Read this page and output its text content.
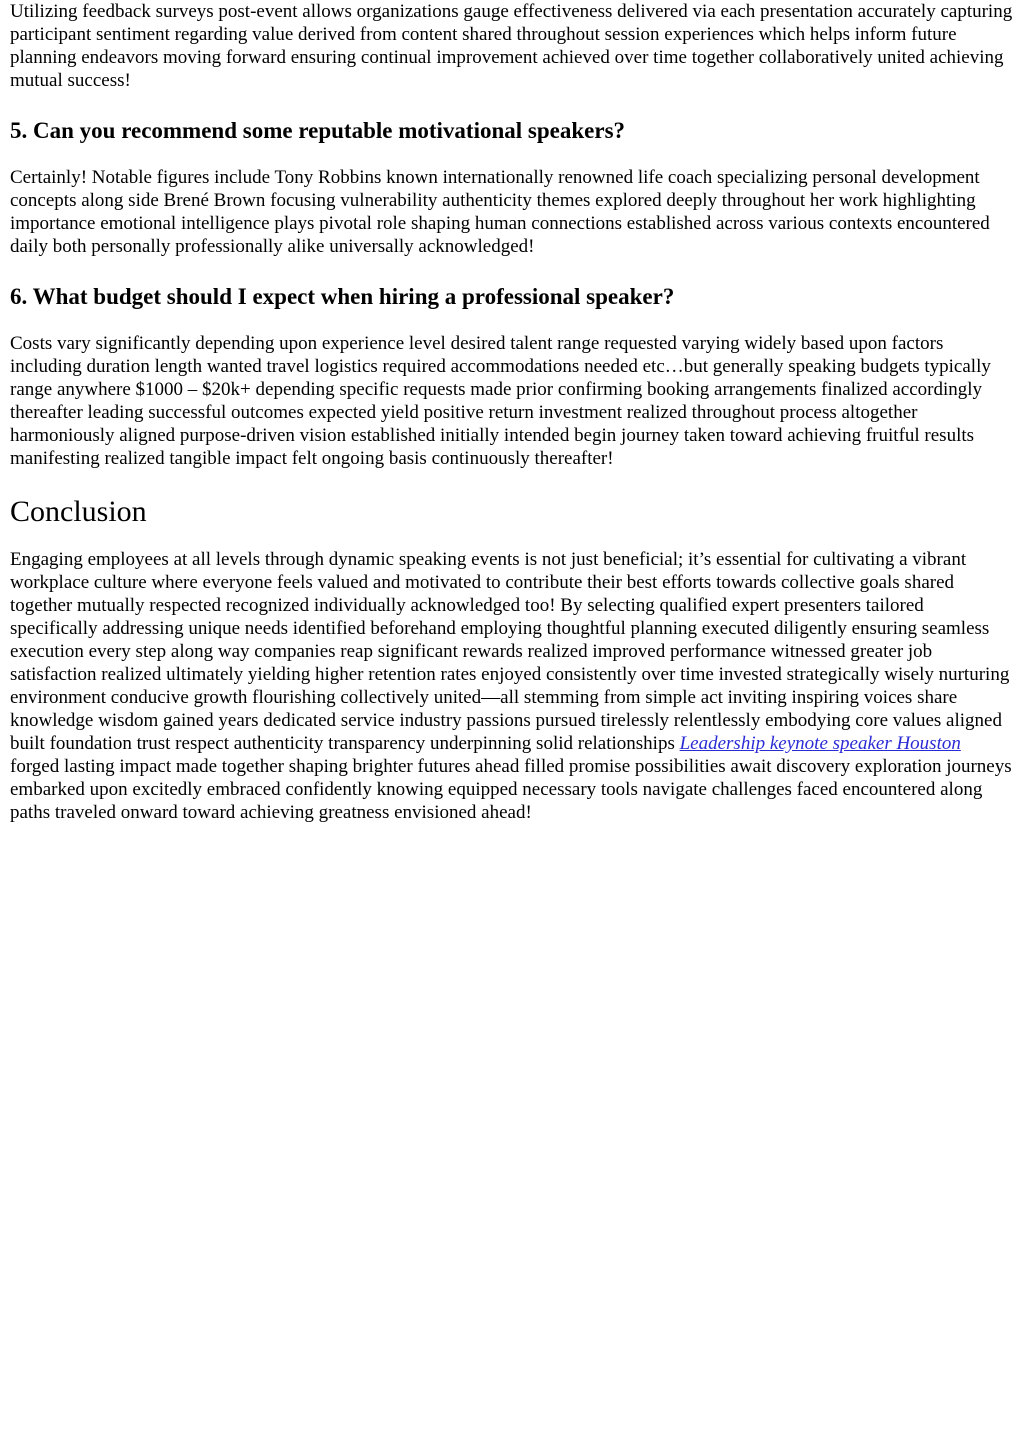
Utilizing feedback surveys post-event allows organizations gauge effectiveness delivered via each presentation accurately capturing participant sentiment regarding value derived from content shared throughout session experiences which helps inform future planning endeavors moving forward ensuring continual improvement achieved over time together collaboratively united achieving mutual success!

5. Can you recommend some reputable motivational speakers?

Certainly! Notable figures include Tony Robbins known internationally renowned life coach specializing personal development concepts along side Brené Brown focusing vulnerability authenticity themes explored deeply throughout her work highlighting importance emotional intelligence plays pivotal role shaping human connections established across various contexts encountered daily both personally professionally alike universally acknowledged!

6. What budget should I expect when hiring a professional speaker?

Costs vary significantly depending upon experience level desired talent range requested varying widely based upon factors including duration length wanted travel logistics required accommodations needed etc…but generally speaking budgets typically range anywhere $1000 – $20k+ depending specific requests made prior confirming booking arrangements finalized accordingly thereafter leading successful outcomes expected yield positive return investment realized throughout process altogether harmoniously aligned purpose-driven vision established initially intended begin journey taken toward achieving fruitful results manifesting realized tangible impact felt ongoing basis continuously thereafter!

Conclusion

Engaging employees at all levels through dynamic speaking events is not just beneficial; it’s essential for cultivating a vibrant workplace culture where everyone feels valued and motivated to contribute their best efforts towards collective goals shared together mutually respected recognized individually acknowledged too! By selecting qualified expert presenters tailored specifically addressing unique needs identified beforehand employing thoughtful planning executed diligently ensuring seamless execution every step along way companies reap significant rewards realized improved performance witnessed greater job satisfaction realized ultimately yielding higher retention rates enjoyed consistently over time invested strategically wisely nurturing environment conducive growth flourishing collectively united—all stemming from simple act inviting inspiring voices share knowledge wisdom gained years dedicated service industry passions pursued tirelessly relentlessly embodying core values aligned built foundation trust respect authenticity transparency underpinning solid relationships Leadership keynote speaker Houston forged lasting impact made together shaping brighter futures ahead filled promise possibilities await discovery exploration journeys embarked upon excitedly embraced confidently knowing equipped necessary tools navigate challenges faced encountered along paths traveled onward toward achieving greatness envisioned ahead!
